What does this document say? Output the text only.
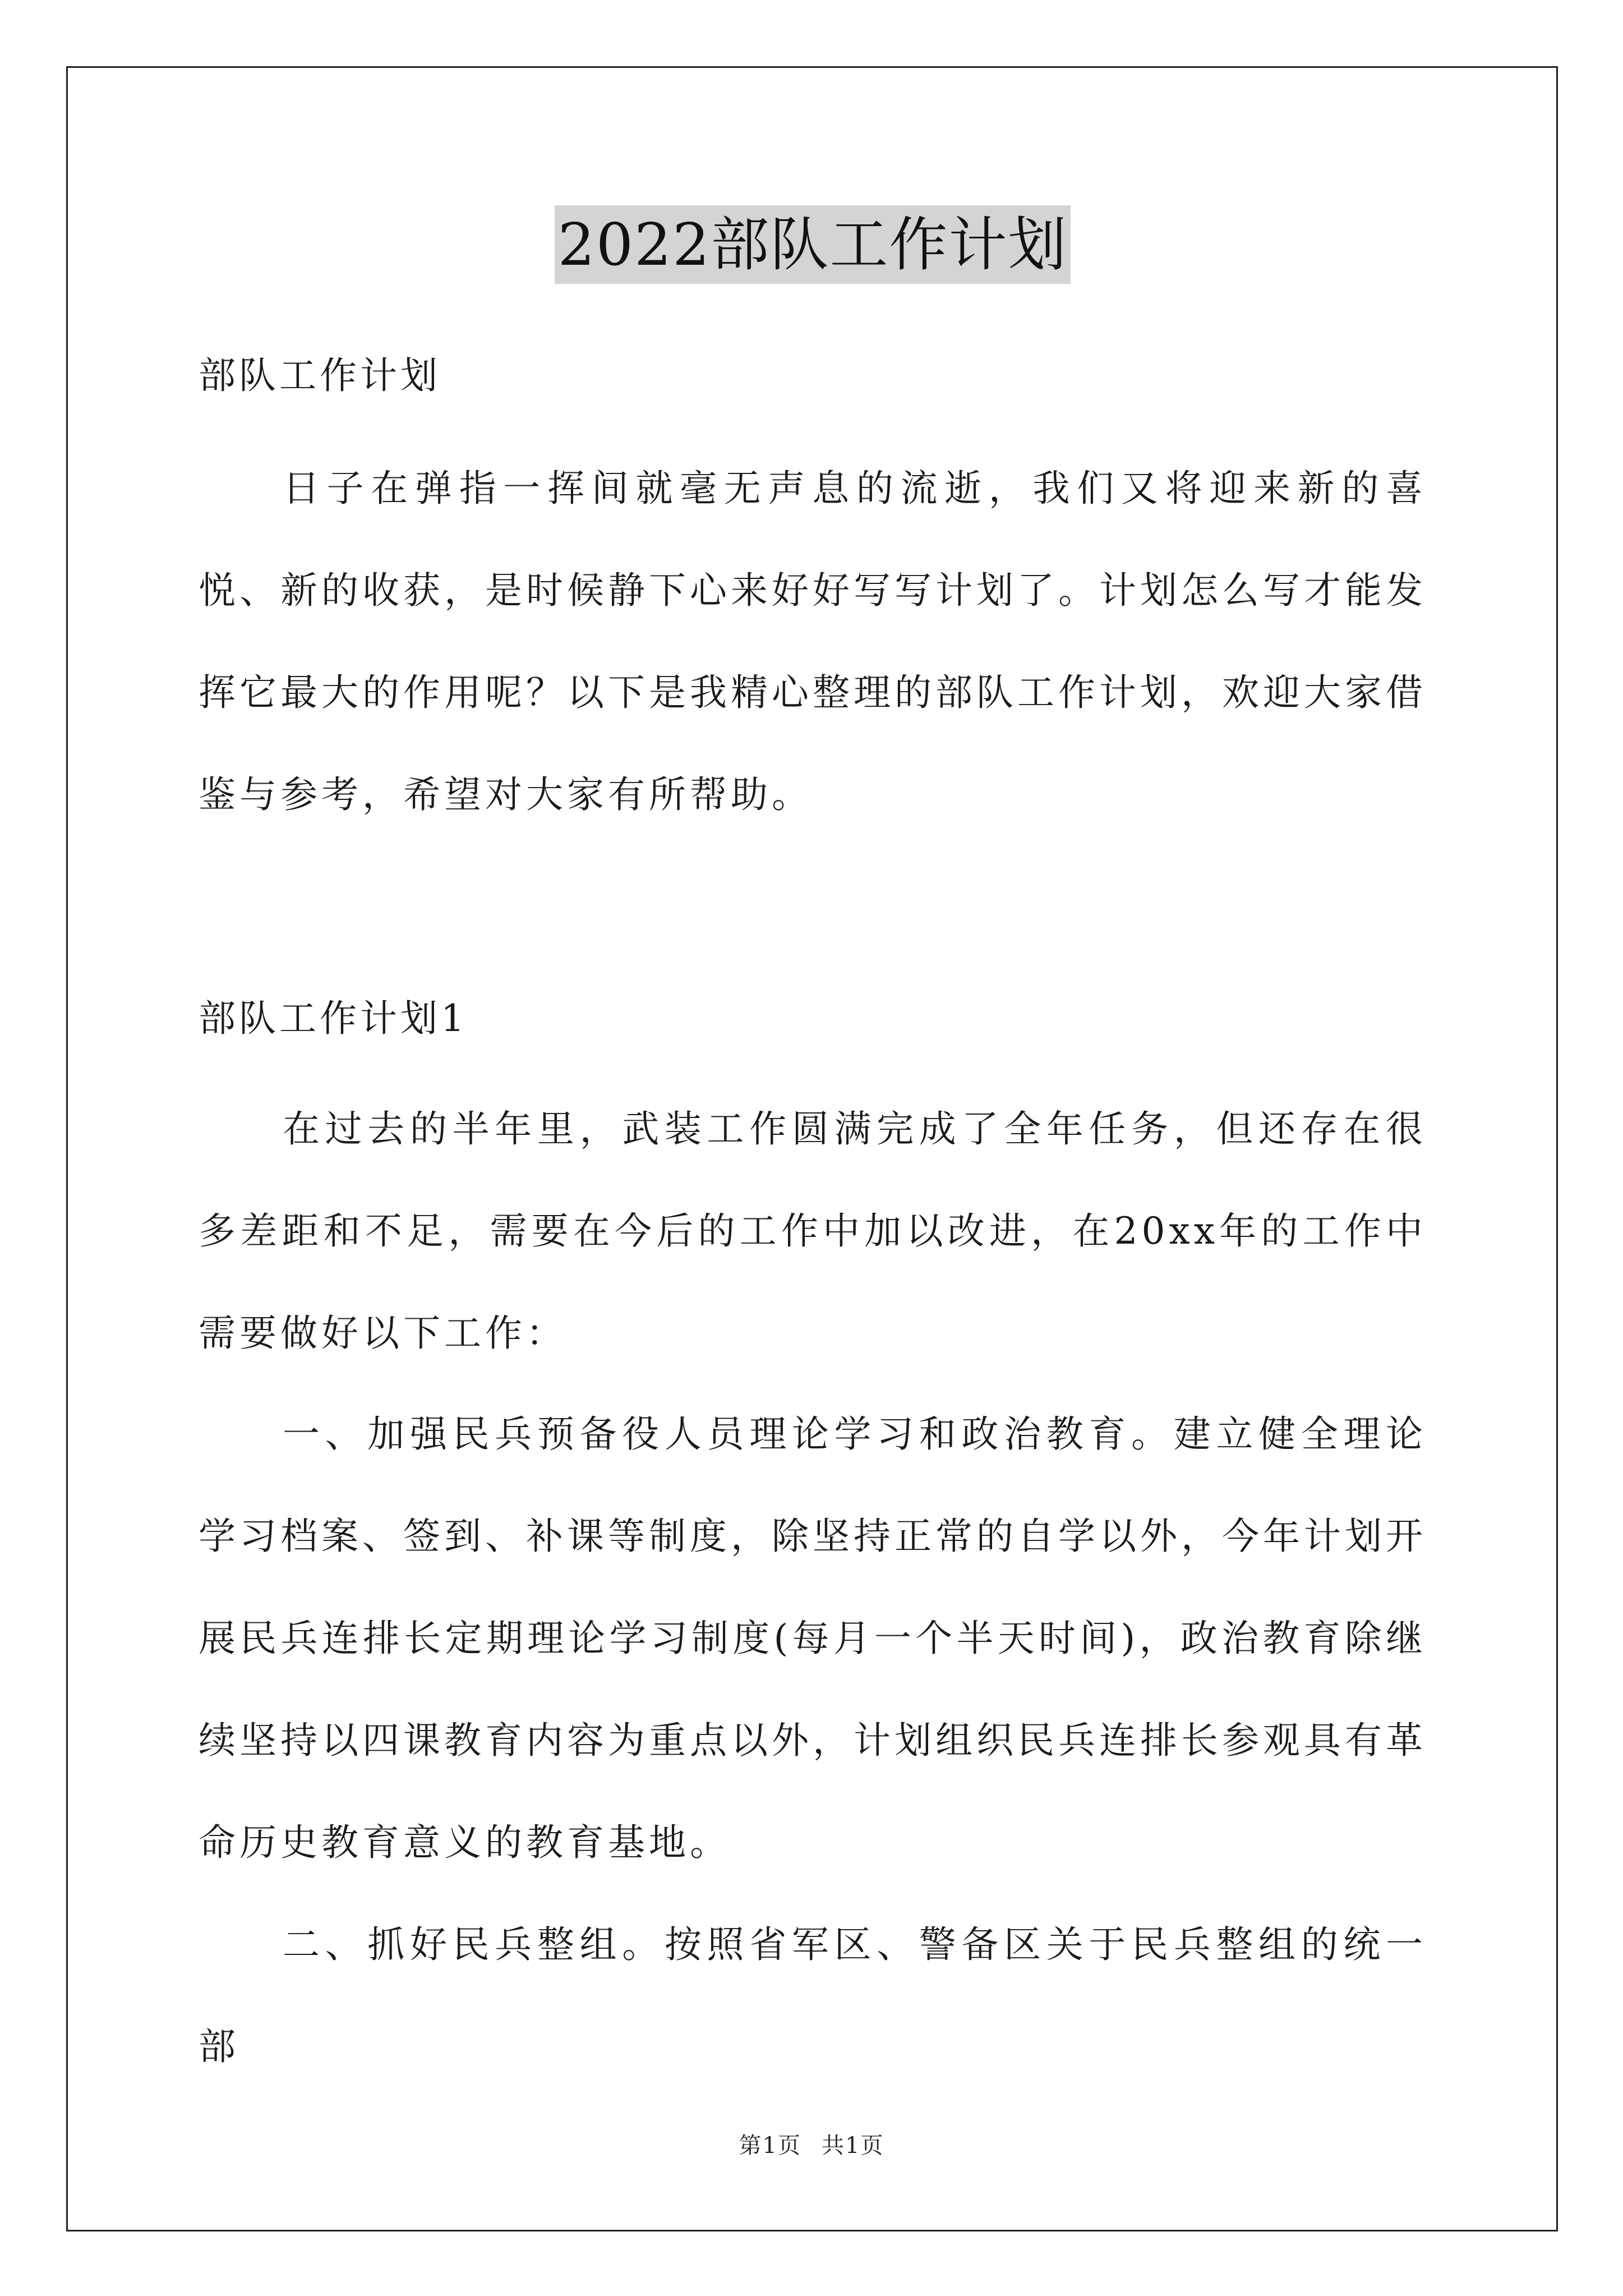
2022部队工作计划
部队工作计划

日子在弹指一挥间就毫无声息的流逝，我们又将迎来新的喜悦、新的收获，是时候静下心来好好写写计划了。计划怎么写才能发挥它最大的作用呢？以下是我精心整理的部队工作计划，欢迎大家借鉴与参考，希望对大家有所帮助。

部队工作计划1

在过去的半年里，武装工作圆满完成了全年任务，但还存在很多差距和不足，需要在今后的工作中加以改进，在20xx年的工作中需要做好以下工作：

一、加强民兵预备役人员理论学习和政治教育。建立健全理论学习档案、签到、补课等制度，除坚持正常的自学以外，今年计划开展民兵连排长定期理论学习制度(每月一个半天时间)，政治教育除继续坚持以四课教育内容为重点以外，计划组织民兵连排长参观具有革命历史教育意义的教育基地。

二、抓好民兵整组。按照省军区、警备区关于民兵整组的统一部

第1页 共1页
